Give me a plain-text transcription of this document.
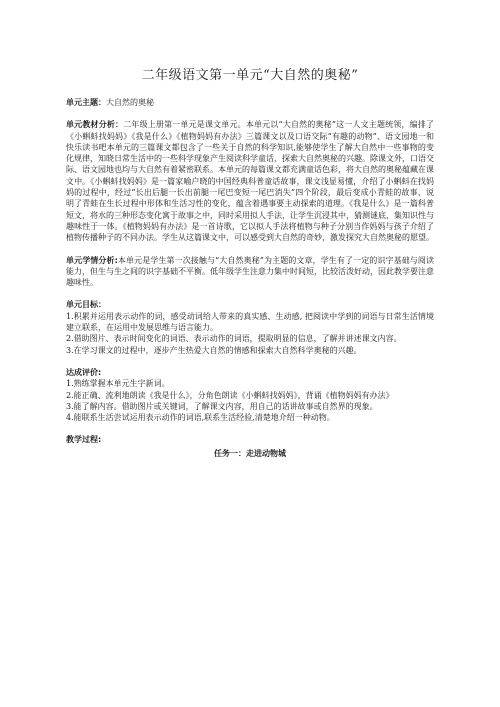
二年级语文第一单元“大自然的奥秘”

单元主题：大自然的奥秘

单元教材分析：二年级上册第一单元是课文单元。本单元以“大自然的奥秘”这一人文主题统领，编排了《小蝌蚪找妈妈》《我是什么》《植物妈妈有办法》三篇课文以及口语交际“有趣的动物”、语文园地一和快乐读书吧本单元的三篇课文都包含了一些关于自然的科学知识,能够使学生了解大自然中一些事物的变化规律，知晓日常生活中的一些科学现象产生阅读科学童话、探索大自然奥秘的兴趣。除课文外，口语交际、语文园地也均与大自然有着紧密联系。本单元的每篇课文都充满童话色彩，将大自然的奥秘蕴藏在课文中。《小蝌蚪找妈妈》是一篇家喻户晓的中国经典科普童话故事，课文浅显易懂，介绍了小蝌蚪在找妈妈的过程中，经过“长出后腿一长出前腿一尾巴变短一尾巴消失”四个阶段，最后变成小青蛙的故事，说明了青蛙在生长过程中形体和生活习性的变化，蕴含着遇事要主动探索的道理。《我是什么》是一篇科普短文，将水的三种形态变化寓于故事之中，同时采用拟人手法，让学生沉浸其中，猜测谜底，集知识性与趣味性于一体。《植物妈妈有办法》是一首诗歌，它以拟人手法将植物与种子分别当作妈妈与孩子介绍了植物传播种子的不同办法。学生从这篇课文中，可以感受到大自然的奇妙，激发探究大自然奥秘的愿望。

单元学情分析:本单元是学生第一次接触与“大自然奥秘”为主题的文章，学生有了一定的识字基础与阅读能力，但生与生之间的识字基础不平衡。低年级学生注意力集中时间短，比较活泼好动，因此教学要注意趣味性。

单元目标：

1.积累并运用表示动作的词，感受动词给人带来的真实感、生动感, 把阅读中学到的词语与日常生活情境建立联系，在运用中发展思维与语言能力。

2.借助图片、表示时间变化的词语、表示动作的词语，提取明显的信息，了解并讲述课文内容。

3.在学习课文的过程中，逐步产生热爱大自然的情感和探索大自然科学奥秘的兴趣。

达成评价:

1.熟练掌握本单元生字新词。

2.能正确、流利地朗读《我是什么》，分角色朗读《小蝌蚪找妈妈》，背诵《植物妈妈有办法》

3.能了解内容。借助图片或关键词，了解课文内容，用自己的话讲故事或自然界的现象。

4.能联系生活尝试运用表示动作的词语,联系生活经验,清楚地介绍一种动物。

教学过程:

任务一：走进动物城
